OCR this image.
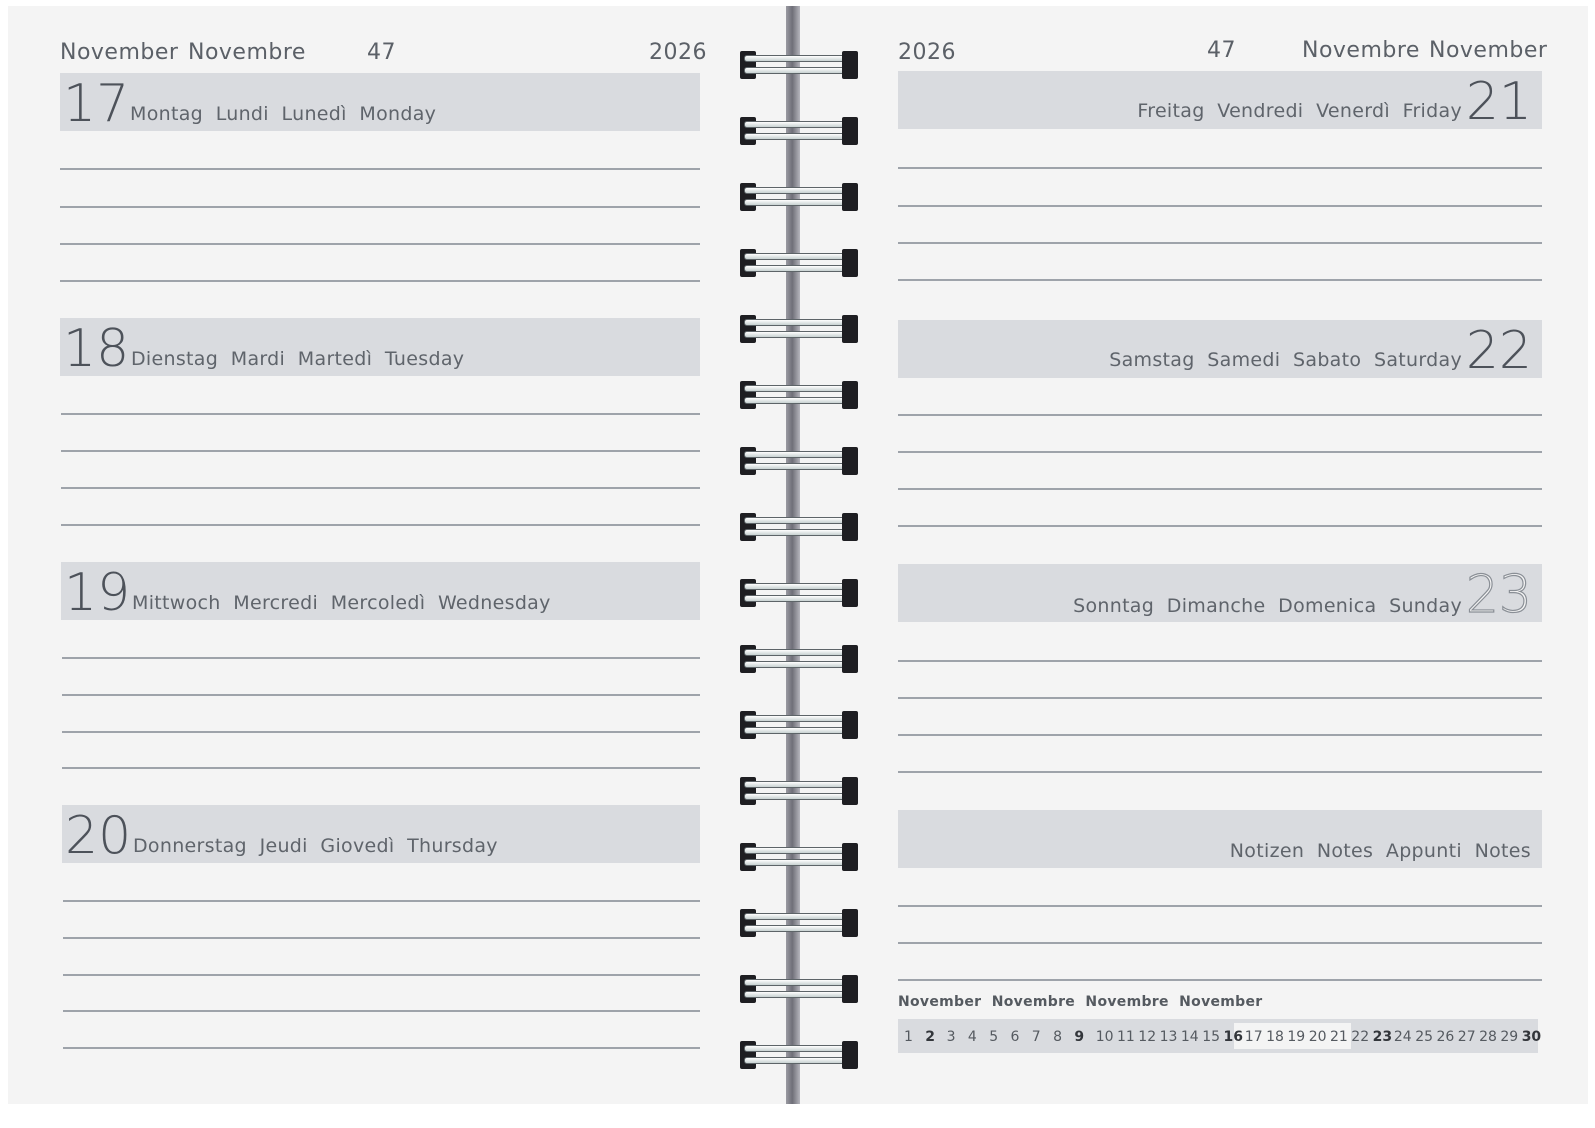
November Novembre	47	2026	2026	47	Novembre November
17 Montag  Lundi  Lunedì  Monday
18 Dienstag  Mardi  Martedì  Tuesday
19 Mittwoch  Mercredi  Mercoledì  Wednesday
20 Donnerstag  Jeudi  Giovedì  Thursday
Freitag  Vendredi  Venerdì  Friday 21
Samstag  Samedi  Sabato  Saturday 22
Sonntag  Dimanche  Domenica  Sunday 23
Notizen  Notes  Appunti  Notes
November  Novembre  Novembre  November
1 2 3 4 5 6 7 8 9 10 11 12 13 14 15 16 17 18 19 20 21 22 23 24 25 26 27 28 29 30
